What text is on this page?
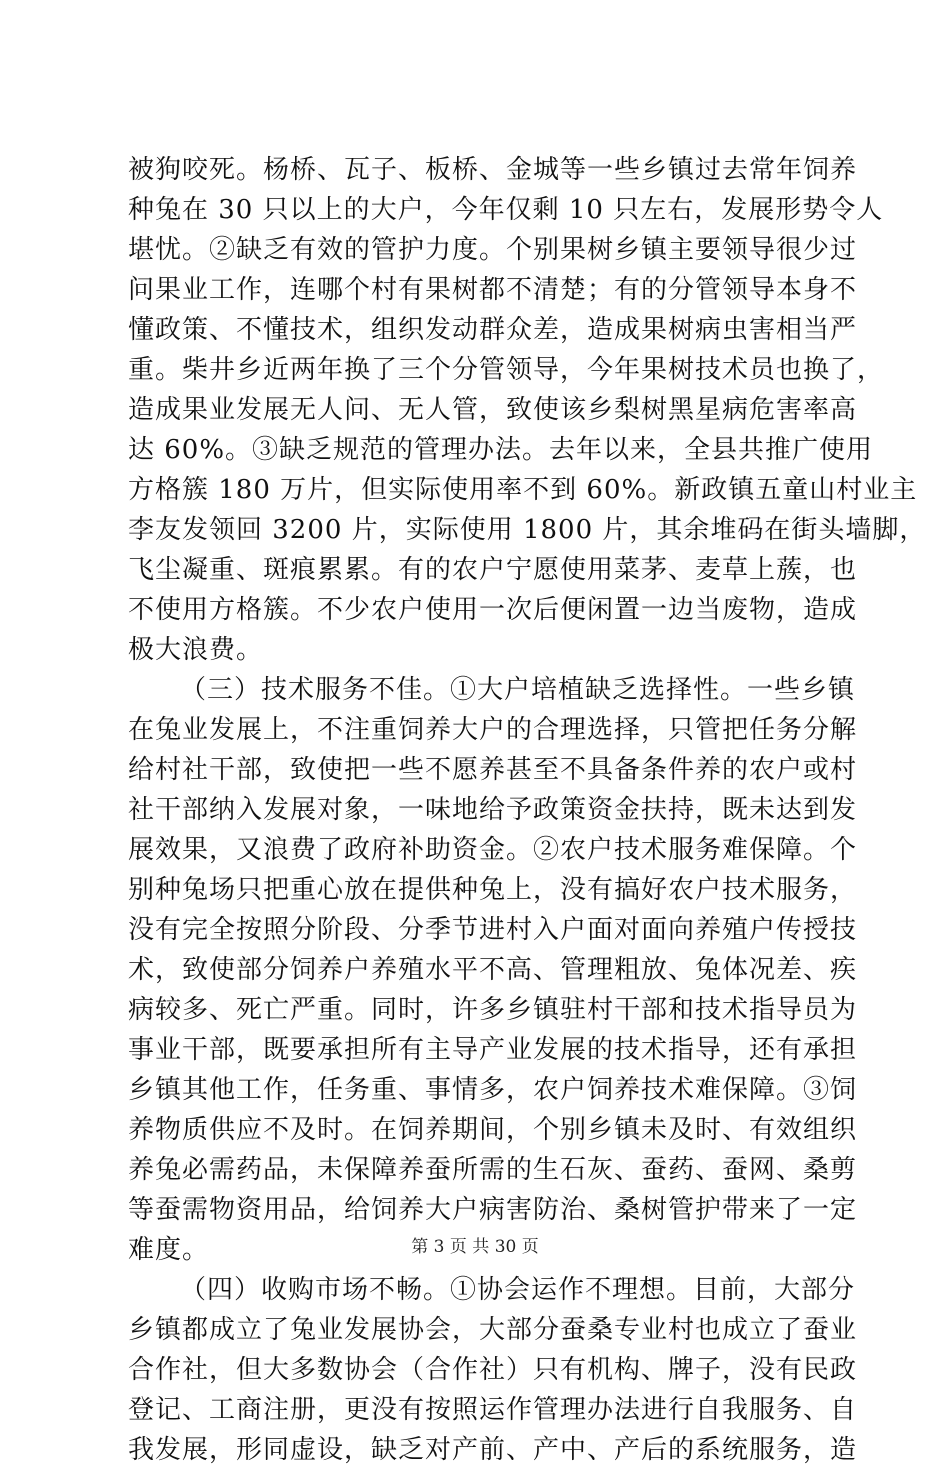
被狗咬死。杨桥、瓦子、板桥、金城等一些乡镇过去常年饲养
种兔在 30 只以上的大户，今年仅剩 10 只左右，发展形势令人
堪忧。②缺乏有效的管护力度。个别果树乡镇主要领导很少过
问果业工作，连哪个村有果树都不清楚；有的分管领导本身不
懂政策、不懂技术，组织发动群众差，造成果树病虫害相当严
重。柴井乡近两年换了三个分管领导，今年果树技术员也换了，
造成果业发展无人问、无人管，致使该乡梨树黑星病危害率高
达 60%。③缺乏规范的管理办法。去年以来，全县共推广使用
方格簇 180 万片，但实际使用率不到 60%。新政镇五童山村业主
李友发领回 3200 片，实际使用 1800 片，其余堆码在街头墙脚，
飞尘凝重、斑痕累累。有的农户宁愿使用菜茅、麦草上蔟，也
不使用方格簇。不少农户使用一次后便闲置一边当废物，造成
极大浪费。
（三）技术服务不佳。①大户培植缺乏选择性。一些乡镇
在兔业发展上，不注重饲养大户的合理选择，只管把任务分解
给村社干部，致使把一些不愿养甚至不具备条件养的农户或村
社干部纳入发展对象，一味地给予政策资金扶持，既未达到发
展效果，又浪费了政府补助资金。②农户技术服务难保障。个
别种兔场只把重心放在提供种兔上，没有搞好农户技术服务，
没有完全按照分阶段、分季节进村入户面对面向养殖户传授技
术，致使部分饲养户养殖水平不高、管理粗放、兔体况差、疾
病较多、死亡严重。同时，许多乡镇驻村干部和技术指导员为
事业干部，既要承担所有主导产业发展的技术指导，还有承担
乡镇其他工作，任务重、事情多，农户饲养技术难保障。③饲
养物质供应不及时。在饲养期间，个别乡镇未及时、有效组织
养兔必需药品，未保障养蚕所需的生石灰、蚕药、蚕网、桑剪
等蚕需物资用品，给饲养大户病害防治、桑树管护带来了一定
难度。
（四）收购市场不畅。①协会运作不理想。目前，大部分
乡镇都成立了兔业发展协会，大部分蚕桑专业村也成立了蚕业
合作社，但大多数协会（合作社）只有机构、牌子，没有民政
登记、工商注册，更没有按照运作管理办法进行自我服务、自
我发展，形同虚设，缺乏对产前、产中、产后的系统服务，造
第 3 页 共 30 页
